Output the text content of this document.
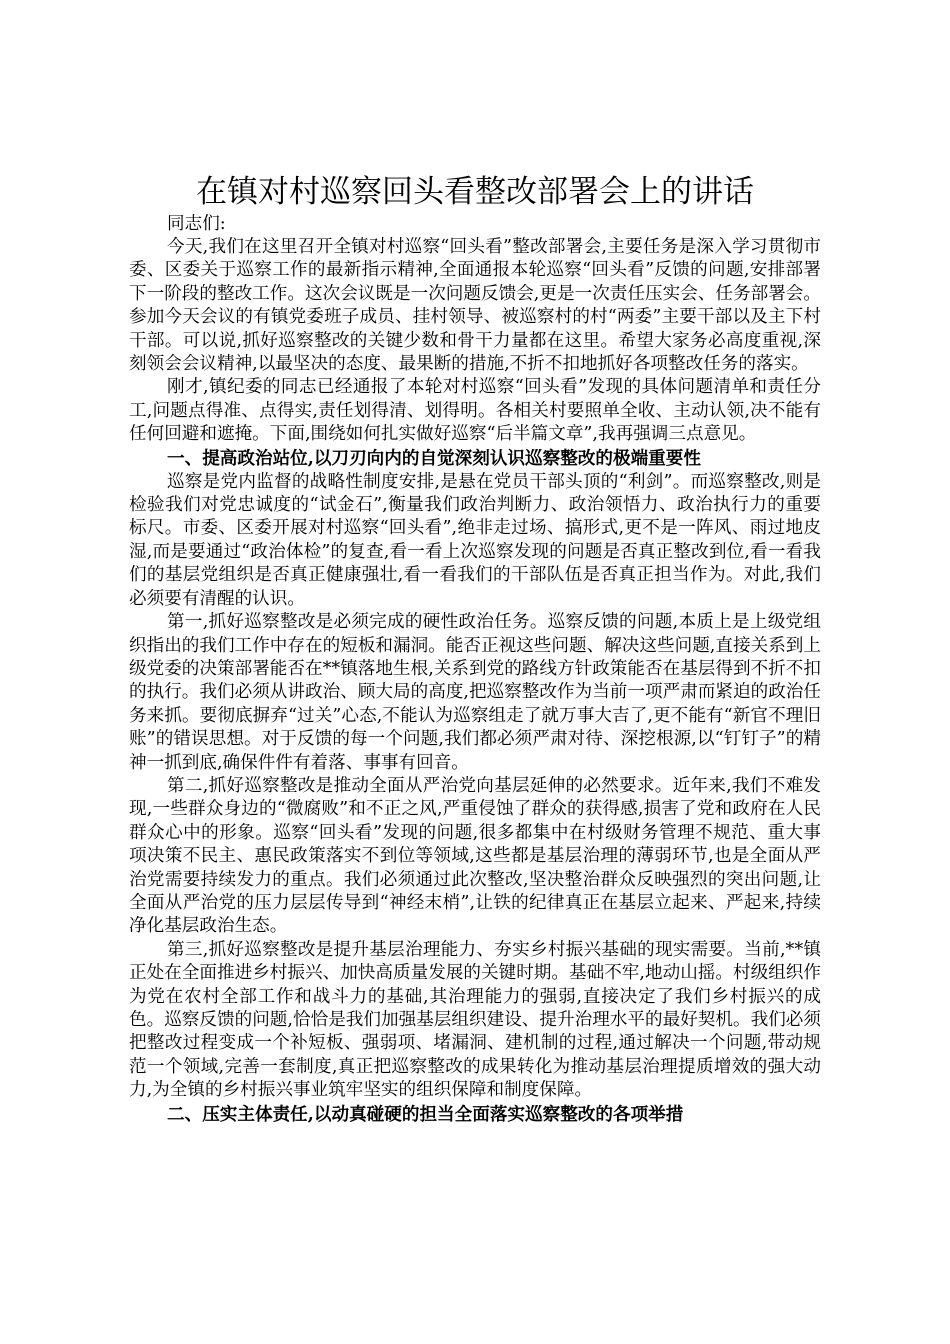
在镇对村巡察回头看整改部署会上的讲话

同志们:

今天,我们在这里召开全镇对村巡察“回头看”整改部署会,主要任务是深入学习贯彻市委、区委关于巡察工作的最新指示精神,全面通报本轮巡察“回头看”反馈的问题,安排部署下一阶段的整改工作。这次会议既是一次问题反馈会,更是一次责任压实会、任务部署会。参加今天会议的有镇党委班子成员、挂村领导、被巡察村的村“两委”主要干部以及主下村干部。可以说,抓好巡察整改的关键少数和骨干力量都在这里。希望大家务必高度重视,深刻领会会议精神,以最坚决的态度、最果断的措施,不折不扣地抓好各项整改任务的落实。

刚才,镇纪委的同志已经通报了本轮对村巡察“回头看”发现的具体问题清单和责任分工,问题点得准、点得实,责任划得清、划得明。各相关村要照单全收、主动认领,决不能有任何回避和遮掩。下面,围绕如何扎实做好巡察“后半篇文章”,我再强调三点意见。

一、提高政治站位,以刀刃向内的自觉深刻认识巡察整改的极端重要性

巡察是党内监督的战略性制度安排,是悬在党员干部头顶的“利剑”。而巡察整改,则是检验我们对党忠诚度的“试金石”,衡量我们政治判断力、政治领悟力、政治执行力的重要标尺。市委、区委开展对村巡察“回头看”,绝非走过场、搞形式,更不是一阵风、雨过地皮湿,而是要通过“政治体检”的复查,看一看上次巡察发现的问题是否真正整改到位,看一看我们的基层党组织是否真正健康强壮,看一看我们的干部队伍是否真正担当作为。对此,我们必须要有清醒的认识。

第一,抓好巡察整改是必须完成的硬性政治任务。巡察反馈的问题,本质上是上级党组织指出的我们工作中存在的短板和漏洞。能否正视这些问题、解决这些问题,直接关系到上级党委的决策部署能否在**镇落地生根,关系到党的路线方针政策能否在基层得到不折不扣的执行。我们必须从讲政治、顾大局的高度,把巡察整改作为当前一项严肃而紧迫的政治任务来抓。要彻底摒弃“过关”心态,不能认为巡察组走了就万事大吉了,更不能有“新官不理旧账”的错误思想。对于反馈的每一个问题,我们都必须严肃对待、深挖根源,以“钉钉子”的精神一抓到底,确保件件有着落、事事有回音。

第二,抓好巡察整改是推动全面从严治党向基层延伸的必然要求。近年来,我们不难发现,一些群众身边的“微腐败”和不正之风,严重侵蚀了群众的获得感,损害了党和政府在人民群众心中的形象。巡察“回头看”发现的问题,很多都集中在村级财务管理不规范、重大事项决策不民主、惠民政策落实不到位等领域,这些都是基层治理的薄弱环节,也是全面从严治党需要持续发力的重点。我们必须通过此次整改,坚决整治群众反映强烈的突出问题,让全面从严治党的压力层层传导到“神经末梢”,让铁的纪律真正在基层立起来、严起来,持续净化基层政治生态。

第三,抓好巡察整改是提升基层治理能力、夯实乡村振兴基础的现实需要。当前,**镇正处在全面推进乡村振兴、加快高质量发展的关键时期。基础不牢,地动山摇。村级组织作为党在农村全部工作和战斗力的基础,其治理能力的强弱,直接决定了我们乡村振兴的成色。巡察反馈的问题,恰恰是我们加强基层组织建设、提升治理水平的最好契机。我们必须把整改过程变成一个补短板、强弱项、堵漏洞、建机制的过程,通过解决一个问题,带动规范一个领域,完善一套制度,真正把巡察整改的成果转化为推动基层治理提质增效的强大动力,为全镇的乡村振兴事业筑牢坚实的组织保障和制度保障。

二、压实主体责任,以动真碰硬的担当全面落实巡察整改的各项举措
